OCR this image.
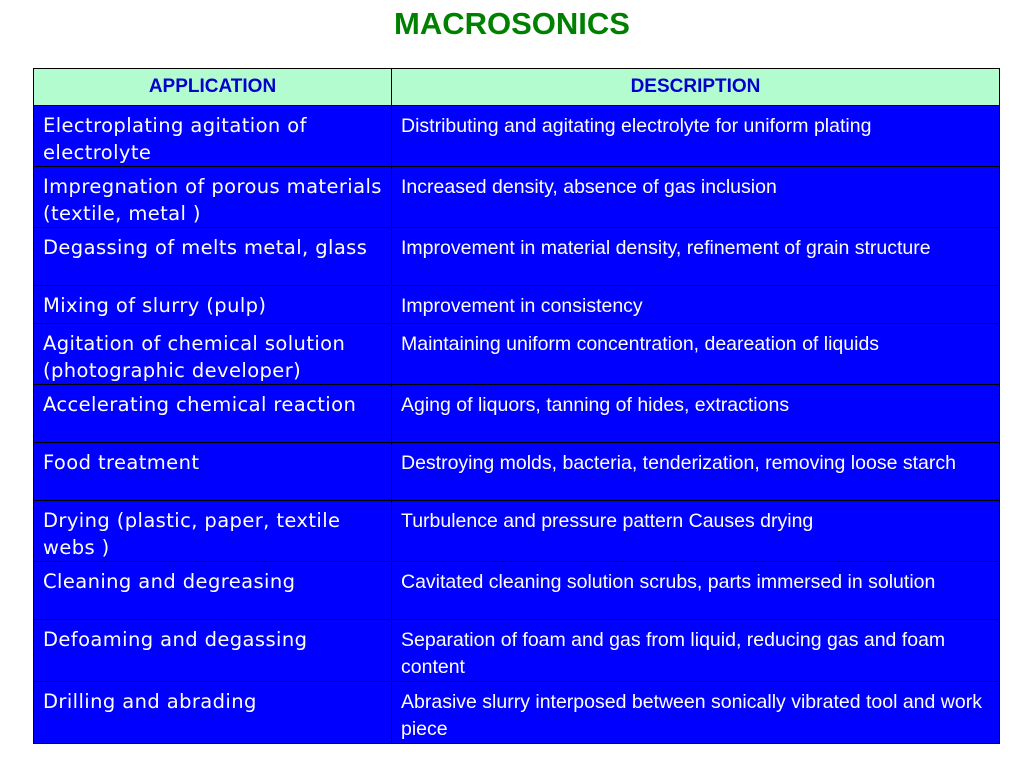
MACROSONICS
APPLICATION	DESCRIPTION
Electroplating agitation of electrolyte	Distributing and agitating electrolyte for uniform plating
Impregnation of porous materials (textile, metal )	Increased density, absence of gas inclusion
Degassing of melts metal, glass	Improvement in material density, refinement of grain structure
Mixing of slurry (pulp)	Improvement in consistency
Agitation of chemical solution (photographic developer)	Maintaining uniform concentration, deareation of liquids
Accelerating chemical reaction	Aging of liquors, tanning of hides, extractions
Food treatment	Destroying molds, bacteria, tenderization, removing loose starch
Drying (plastic, paper, textile webs )	Turbulence and pressure pattern Causes drying
Cleaning and degreasing	Cavitated cleaning solution scrubs, parts immersed in solution
Defoaming and degassing	Separation of foam and gas from liquid, reducing gas and foam content
Drilling and abrading	Abrasive slurry interposed between sonically vibrated tool and work piece
